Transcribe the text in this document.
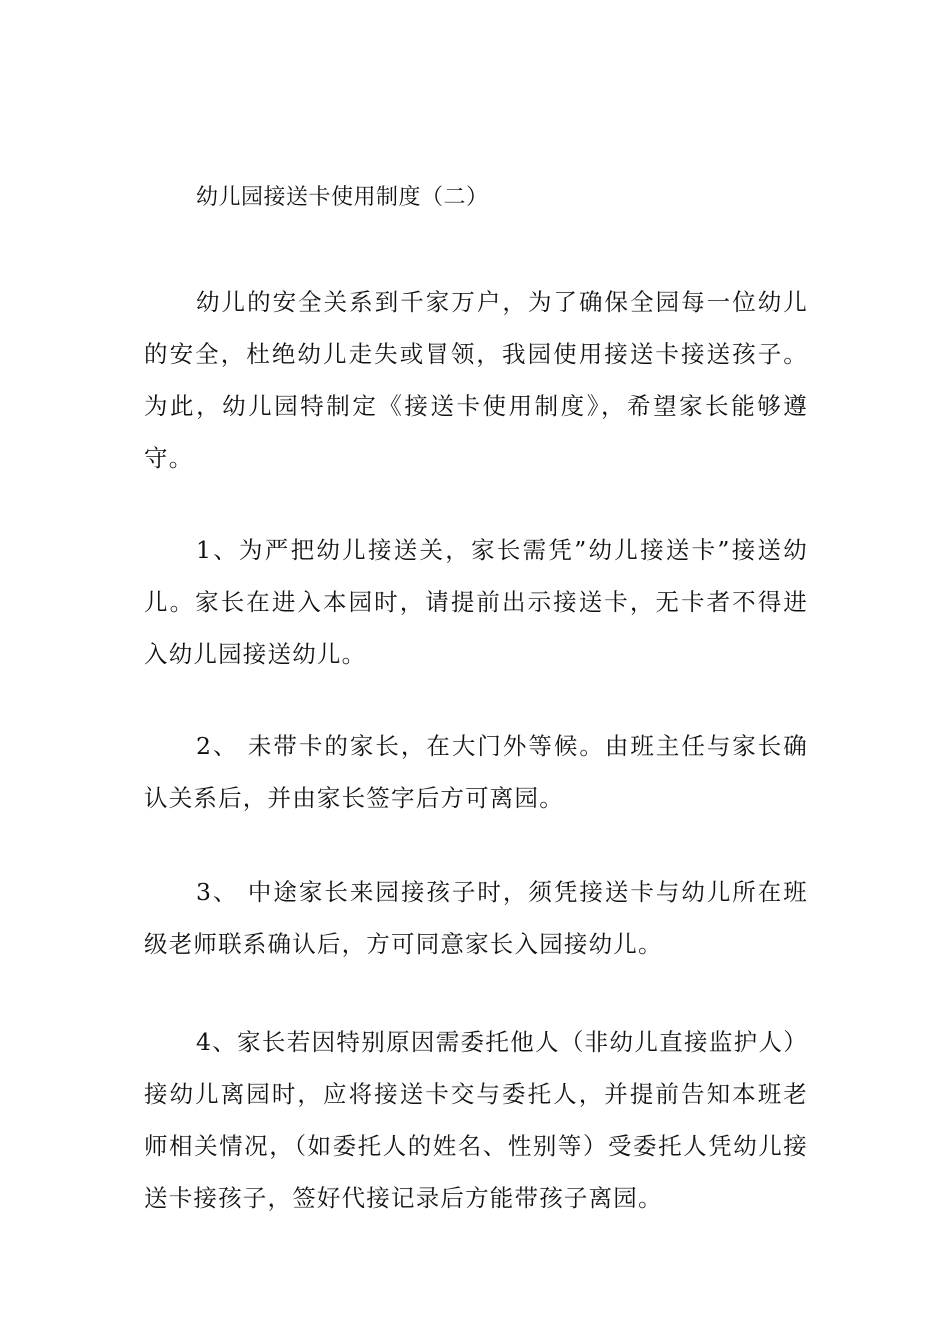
幼儿园接送卡使用制度（二）

幼儿的安全关系到千家万户，为了确保全园每一位幼儿的安全，杜绝幼儿走失或冒领，我园使用接送卡接送孩子。为此，幼儿园特制定《接送卡使用制度》，希望家长能够遵守。

1、为严把幼儿接送关，家长需凭”幼儿接送卡”接送幼儿。家长在进入本园时，请提前出示接送卡，无卡者不得进入幼儿园接送幼儿。

2、 未带卡的家长，在大门外等候。由班主任与家长确认关系后，并由家长签字后方可离园。

3、 中途家长来园接孩子时，须凭接送卡与幼儿所在班级老师联系确认后，方可同意家长入园接幼儿。

4、家长若因特别原因需委托他人（非幼儿直接监护人）接幼儿离园时，应将接送卡交与委托人，并提前告知本班老师相关情况，（如委托人的姓名、性别等）受委托人凭幼儿接送卡接孩子，签好代接记录后方能带孩子离园。
